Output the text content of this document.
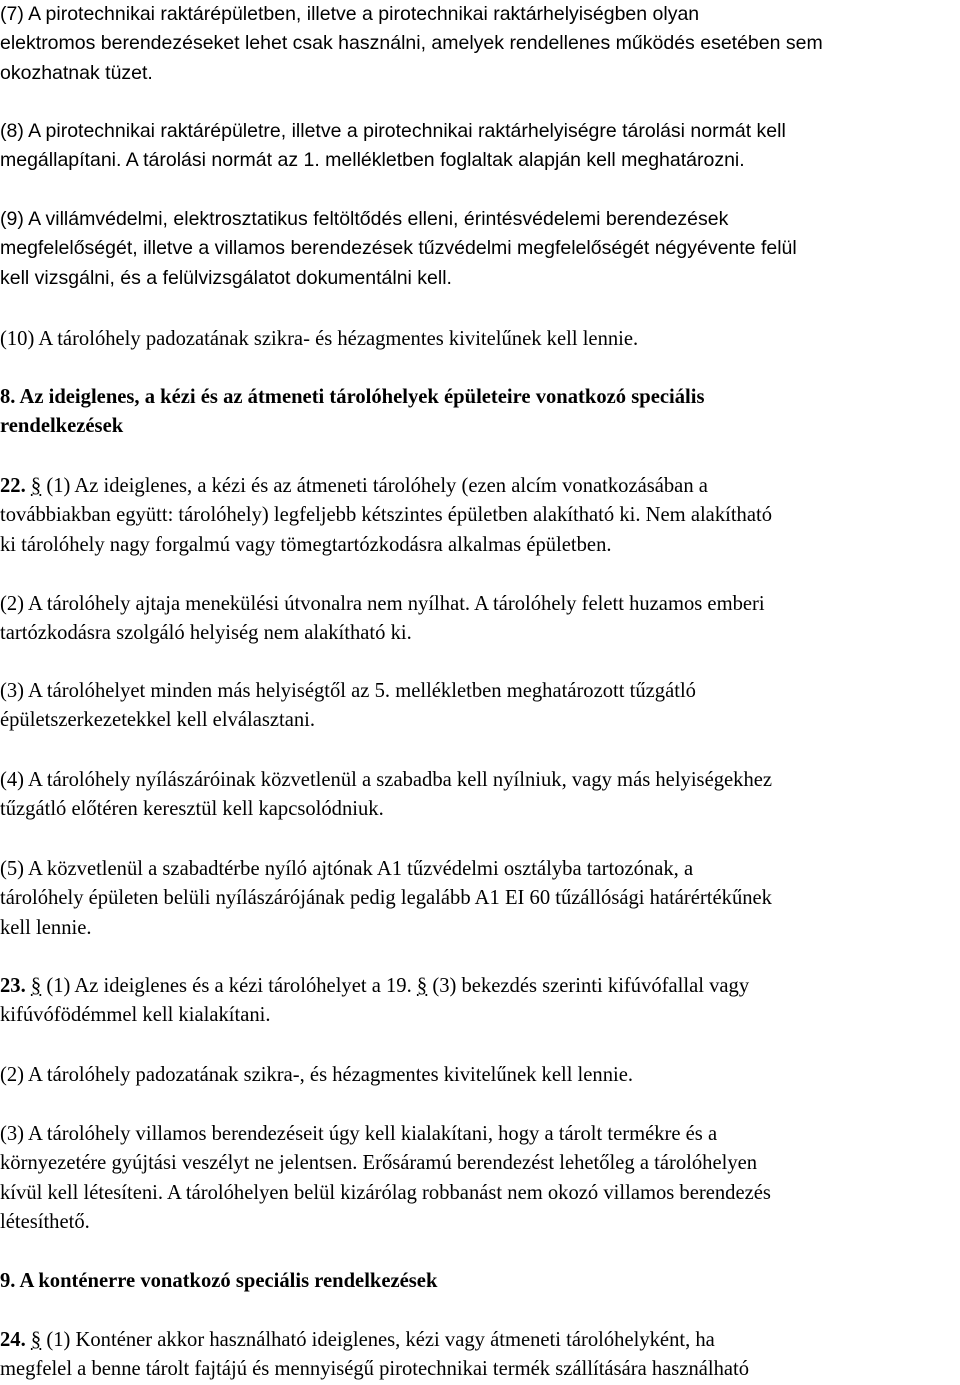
(7) A pirotechnikai raktárépületben, illetve a pirotechnikai raktárhelyiségben olyan
elektromos berendezéseket lehet csak használni, amelyek rendellenes működés esetében sem
okozhatnak tüzet.
(8) A pirotechnikai raktárépületre, illetve a pirotechnikai raktárhelyiségre tárolási normát kell
megállapítani. A tárolási normát az 1. mellékletben foglaltak alapján kell meghatározni.
(9) A villámvédelmi, elektrosztatikus feltöltődés elleni, érintésvédelemi berendezések
megfelelőségét, illetve a villamos berendezések tűzvédelmi megfelelőségét négyévente felül
kell vizsgálni, és a felülvizsgálatot dokumentálni kell.
(10) A tárolóhely padozatának szikra- és hézagmentes kivitelűnek kell lennie.
8. Az ideiglenes, a kézi és az átmeneti tárolóhelyek épületeire vonatkozó speciális
rendelkezések
22. § (1) Az ideiglenes, a kézi és az átmeneti tárolóhely (ezen alcím vonatkozásában a
továbbiakban együtt: tárolóhely) legfeljebb kétszintes épületben alakítható ki. Nem alakítható
ki tárolóhely nagy forgalmú vagy tömegtartózkodásra alkalmas épületben.
(2) A tárolóhely ajtaja menekülési útvonalra nem nyílhat. A tárolóhely felett huzamos emberi
tartózkodásra szolgáló helyiség nem alakítható ki.
(3) A tárolóhelyet minden más helyiségtől az 5. mellékletben meghatározott tűzgátló
épületszerkezetekkel kell elválasztani.
(4) A tárolóhely nyílászáróinak közvetlenül a szabadba kell nyílniuk, vagy más helyiségekhez
tűzgátló előtéren keresztül kell kapcsolódniuk.
(5) A közvetlenül a szabadtérbe nyíló ajtónak A1 tűzvédelmi osztályba tartozónak, a
tárolóhely épületen belüli nyílászárójának pedig legalább A1 EI 60 tűzállósági határértékűnek
kell lennie.
23. § (1) Az ideiglenes és a kézi tárolóhelyet a 19. § (3) bekezdés szerinti kifúvófallal vagy
kifúvófödémmel kell kialakítani.
(2) A tárolóhely padozatának szikra-, és hézagmentes kivitelűnek kell lennie.
(3) A tárolóhely villamos berendezéseit úgy kell kialakítani, hogy a tárolt termékre és a
környezetére gyújtási veszélyt ne jelentsen. Erősáramú berendezést lehetőleg a tárolóhelyen
kívül kell létesíteni. A tárolóhelyen belül kizárólag robbanást nem okozó villamos berendezés
létesíthető.
9. A konténerre vonatkozó speciális rendelkezések
24. § (1) Konténer akkor használható ideiglenes, kézi vagy átmeneti tárolóhelyként, ha
megfelel a benne tárolt fajtájú és mennyiségű pirotechnikai termék szállítására használható
